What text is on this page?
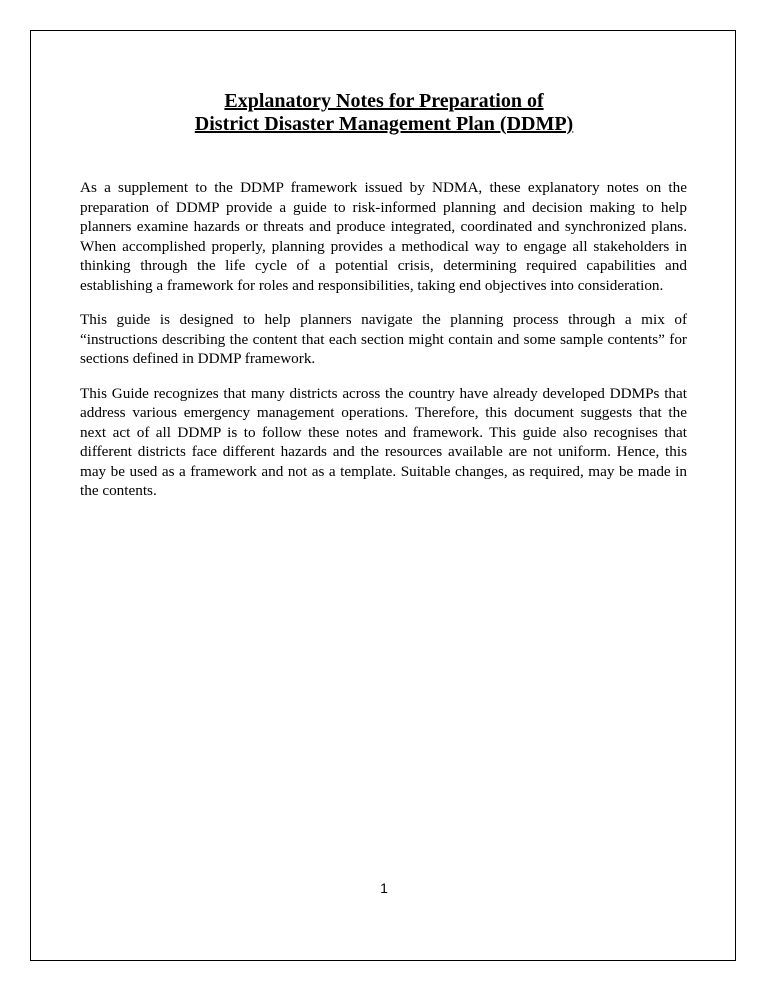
Explanatory Notes for Preparation of
District Disaster Management Plan (DDMP)

As a supplement to the DDMP framework issued by NDMA, these explanatory notes on the preparation of DDMP provide a guide to risk-informed planning and decision making to help planners examine hazards or threats and produce integrated, coordinated and synchronized plans. When accomplished properly, planning provides a methodical way to engage all stakeholders in thinking through the life cycle of a potential crisis, determining required capabilities and establishing a framework for roles and responsibilities, taking end objectives into consideration.

This guide is designed to help planners navigate the planning process through a mix of “instructions describing the content that each section might contain and some sample contents” for sections defined in DDMP framework.

This Guide recognizes that many districts across the country have already developed DDMPs that address various emergency management operations. Therefore, this document suggests that the next act of all DDMP is to follow these notes and framework. This guide also recognises that different districts face different hazards and the resources available are not uniform. Hence, this may be used as a framework and not as a template. Suitable changes, as required, may be made in the contents.

1
